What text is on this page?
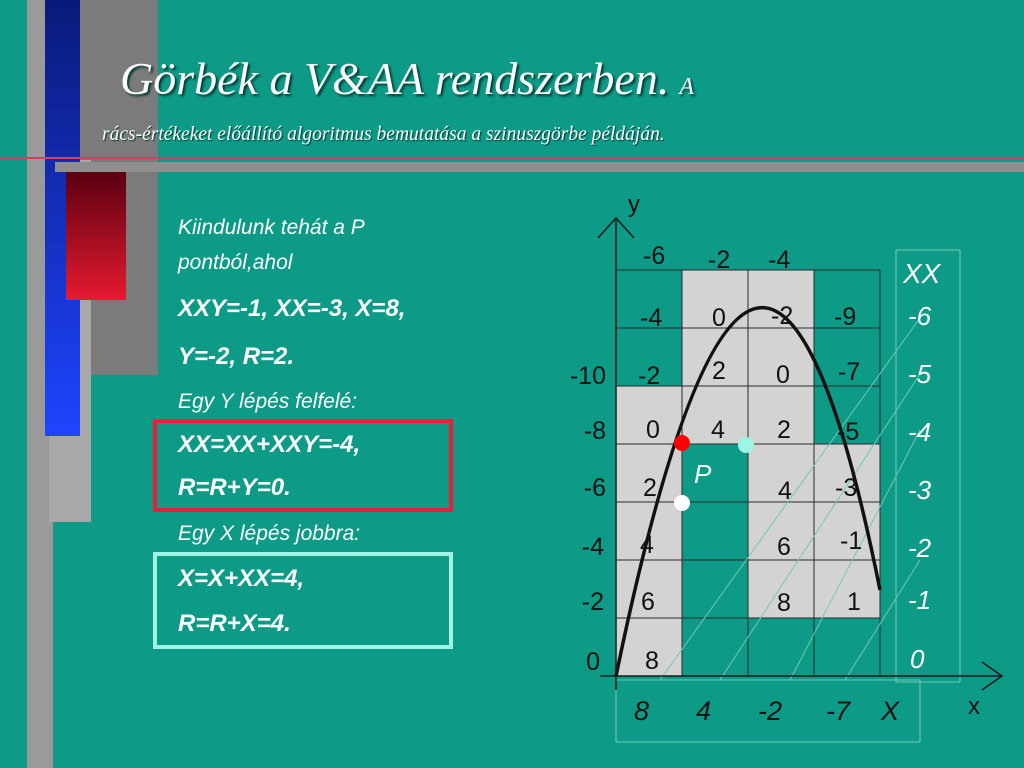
Görbék a V&AA rendszerben. A
rács-értékeket előállító algoritmus bemutatása a szinuszgörbe példáján.
Kiindulunk tehát a P
pontból,ahol
XXY=-1, XX=-3, X=8,
Y=-2, R=2.
Egy Y lépés felfelé:
XX=XX+XXY=-4,
R=R+Y=0.
Egy X lépés jobbra:
X=X+XX=4,
R=R+X=4.
y
x
P
XX
-6
-5
-4
-3
-2
-1
0
-10
-8
-6
-4
-2
0
-6 -2 -4
-4
-2
0
2
4
6
8
0
2
4
-2
0
2
4
6
8
-9
-7
-5
-3
-1
1
8 4 -2 -7 X
